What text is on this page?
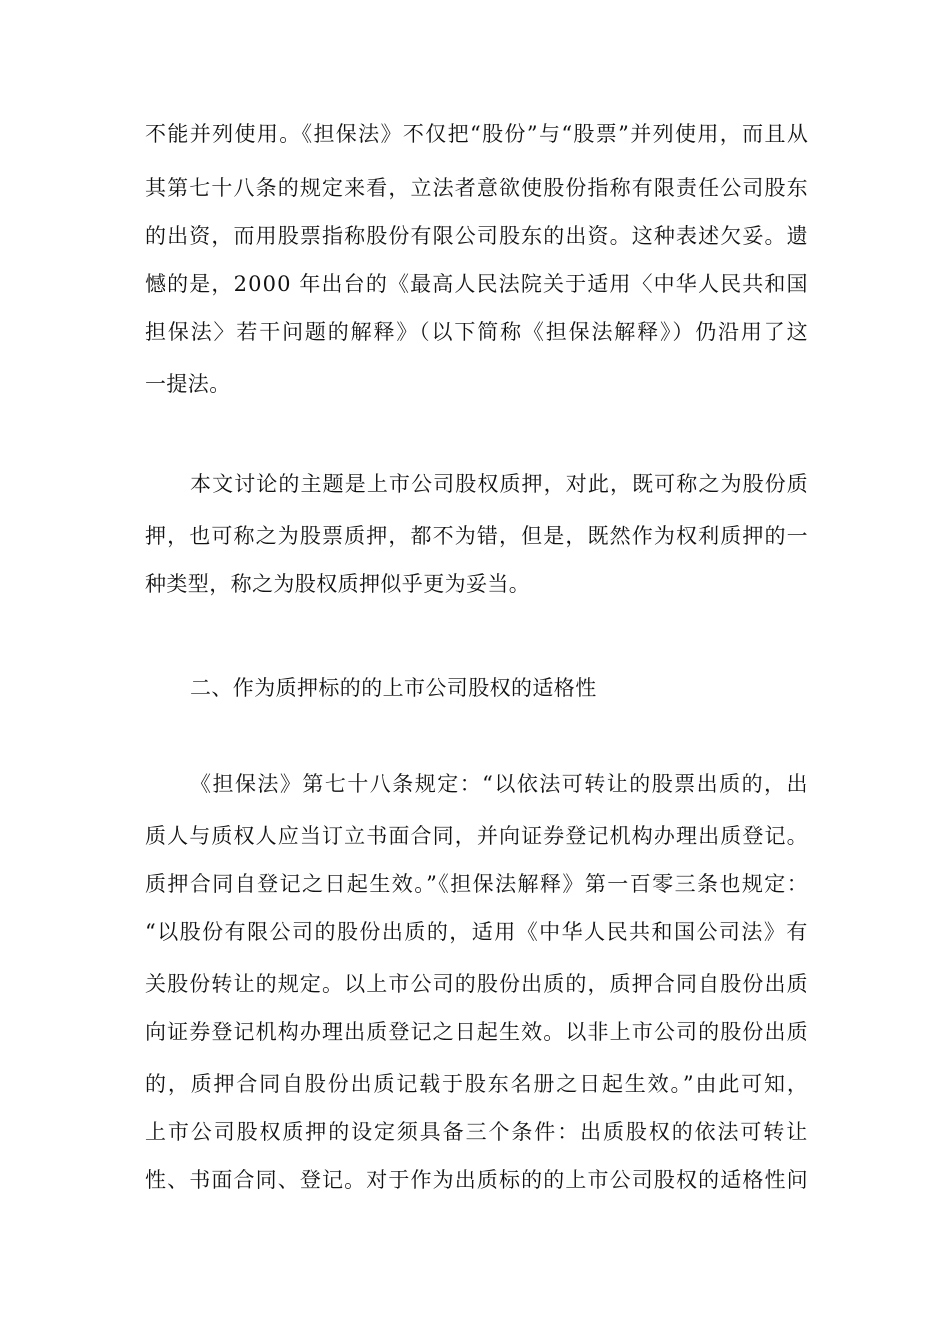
不能并列使用。《担保法》不仅把“股份”与“股票”并列使用，而且从
其第七十八条的规定来看，立法者意欲使股份指称有限责任公司股东
的出资，而用股票指称股份有限公司股东的出资。这种表述欠妥。遗
憾的是，2000 年出台的《最高人民法院关于适用〈中华人民共和国
担保法〉若干问题的解释》（以下简称《担保法解释》）仍沿用了这
一提法。
本文讨论的主题是上市公司股权质押，对此，既可称之为股份质
押，也可称之为股票质押，都不为错，但是，既然作为权利质押的一
种类型，称之为股权质押似乎更为妥当。
二、作为质押标的的上市公司股权的适格性
《担保法》第七十八条规定：“以依法可转让的股票出质的，出
质人与质权人应当订立书面合同，并向证券登记机构办理出质登记。
质押合同自登记之日起生效。”《担保法解释》第一百零三条也规定：
“以股份有限公司的股份出质的，适用《中华人民共和国公司法》有
关股份转让的规定。以上市公司的股份出质的，质押合同自股份出质
向证券登记机构办理出质登记之日起生效。以非上市公司的股份出质
的，质押合同自股份出质记载于股东名册之日起生效。”由此可知，
上市公司股权质押的设定须具备三个条件：出质股权的依法可转让
性、书面合同、登记。对于作为出质标的的上市公司股权的适格性问
